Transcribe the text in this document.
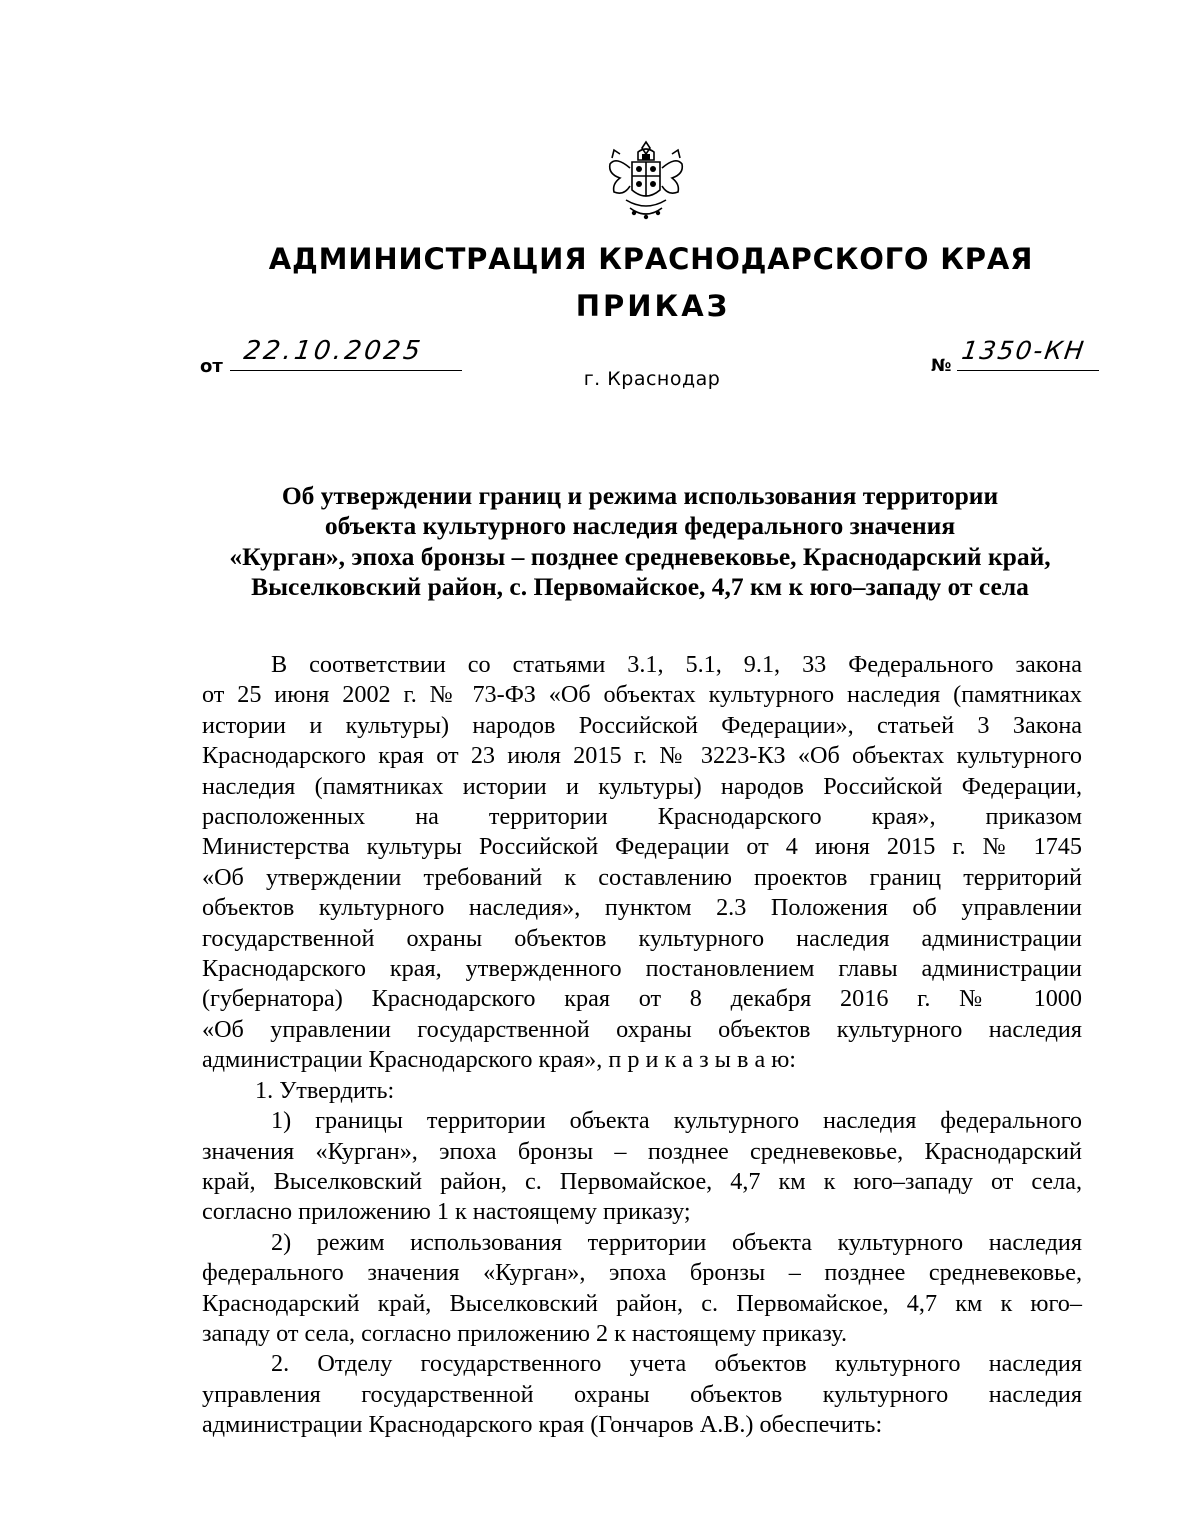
АДМИНИСТРАЦИЯ КРАСНОДАРСКОГО КРАЯ
ПРИКАЗ
от
22.10.2025	№
1350-КН
г. Краснодар
Об утверждении границ и режима использования территории
объекта культурного наследия федерального значения
«Курган», эпоха бронзы – позднее средневековье, Краснодарский край,
Выселковский район, с. Первомайское, 4,7 км к юго–западу от села
В соответствии со статьями 3.1, 5.1, 9.1, 33 Федерального закона
от 25 июня 2002 г. № 73-ФЗ «Об объектах культурного наследия (памятниках
истории и культуры) народов Российской Федерации», статьей 3 Закона
Краснодарского края от 23 июля 2015 г. № 3223-КЗ «Об объектах культурного
наследия (памятниках истории и культуры) народов Российской Федерации,
расположенных на территории Краснодарского края», приказом
Министерства культуры Российской Федерации от 4 июня 2015 г. № 1745
«Об утверждении требований к составлению проектов границ территорий
объектов культурного наследия», пунктом 2.3 Положения об управлении
государственной охраны объектов культурного наследия администрации
Краснодарского края, утвержденного постановлением главы администрации
(губернатора) Краснодарского края от 8 декабря 2016 г. № 1000
«Об управлении государственной охраны объектов культурного наследия
администрации Краснодарского края», п р и к а з ы в а ю:
1. Утвердить:
1) границы территории объекта культурного наследия федерального
значения «Курган», эпоха бронзы – позднее средневековье, Краснодарский
край, Выселковский район, с. Первомайское, 4,7 км к юго–западу от села,
согласно приложению 1 к настоящему приказу;
2) режим использования территории объекта культурного наследия
федерального значения «Курган», эпоха бронзы – позднее средневековье,
Краснодарский край, Выселковский район, с. Первомайское, 4,7 км к юго–
западу от села, согласно приложению 2 к настоящему приказу.
2. Отделу государственного учета объектов культурного наследия
управления государственной охраны объектов культурного наследия
администрации Краснодарского края (Гончаров А.В.) обеспечить:
